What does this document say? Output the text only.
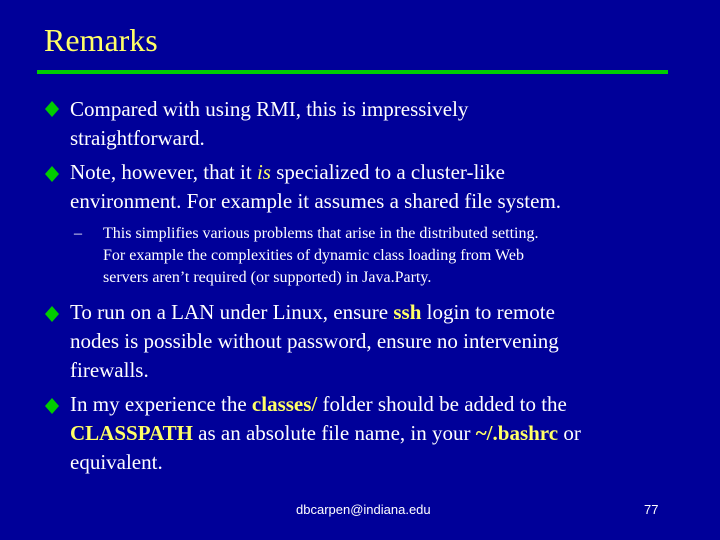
Remarks
Compared with using RMI, this is impressively
straightforward.
Note, however, that it is specialized to a cluster-like
environment. For example it assumes a shared file system.
– This simplifies various problems that arise in the distributed setting.
For example the complexities of dynamic class loading from Web
servers aren’t required (or supported) in Java.Party.
To run on a LAN under Linux, ensure ssh login to remote
nodes is possible without password, ensure no intervening
firewalls.
In my experience the classes/ folder should be added to the
CLASSPATH as an absolute file name, in your ~/.bashrc or
equivalent.
dbcarpen@indiana.edu	77
